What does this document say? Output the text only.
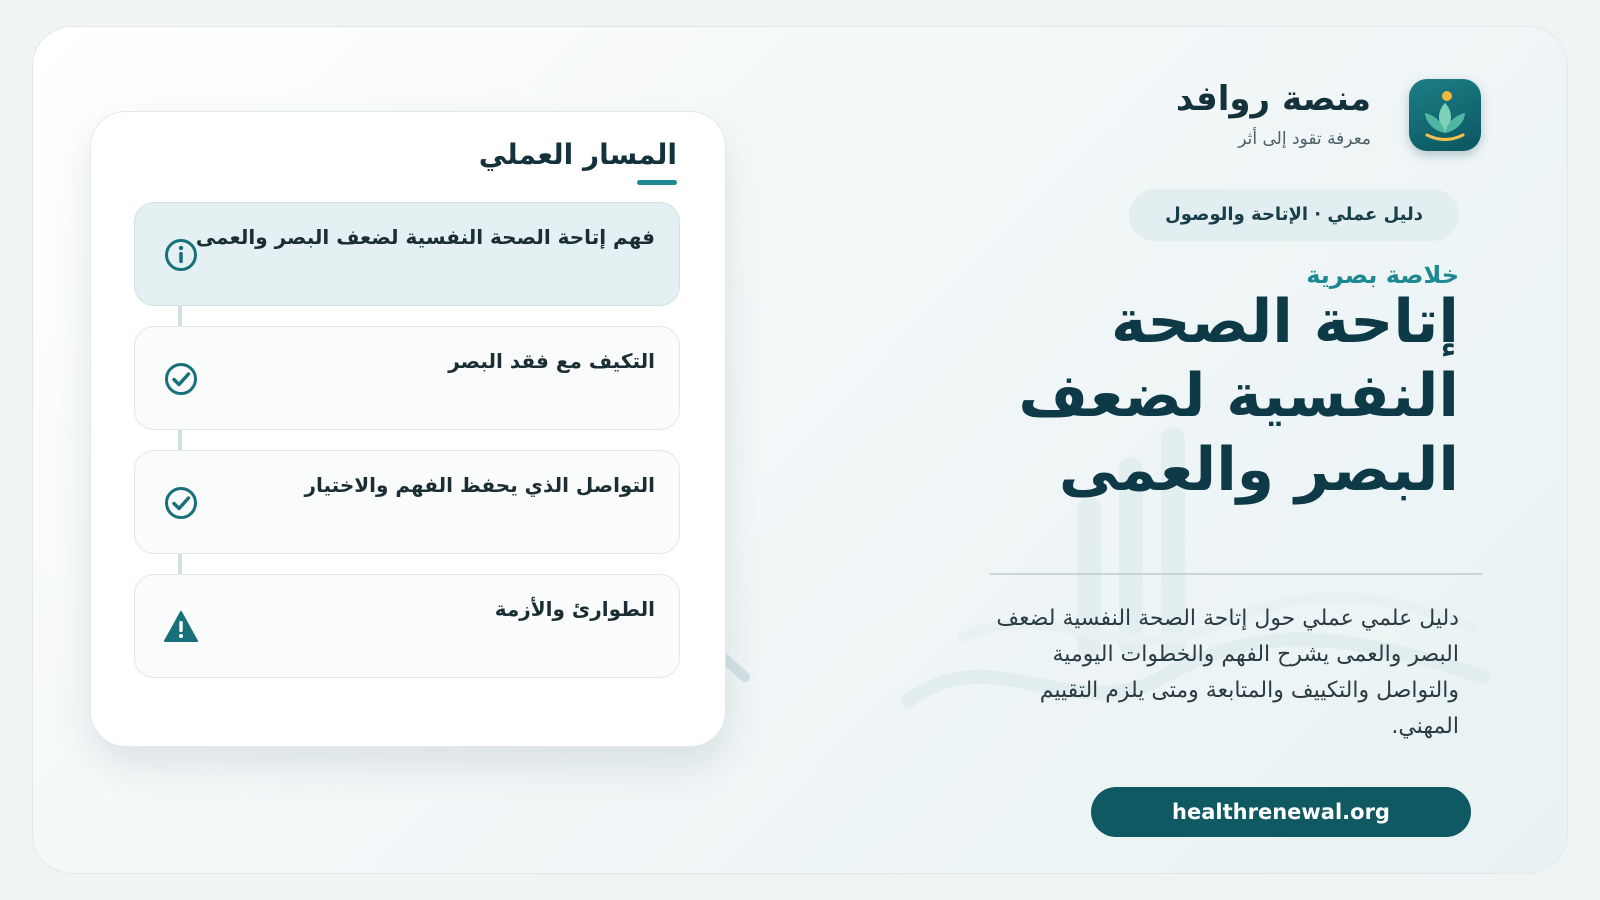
منصة روافد
معرفة تقود إلى أثر
دليل عملي · الإتاحة والوصول
خلاصة بصرية
إتاحة الصحة النفسية لضعف البصر والعمى
دليل علمي عملي حول إتاحة الصحة النفسية لضعف البصر والعمى يشرح الفهم والخطوات اليومية والتواصل والتكييف والمتابعة ومتى يلزم التقييم المهني.
healthrenewal.org
المسار العملي
فهم إتاحة الصحة النفسية لضعف البصر والعمى
التكيف مع فقد البصر
التواصل الذي يحفظ الفهم والاختيار
الطوارئ والأزمة
